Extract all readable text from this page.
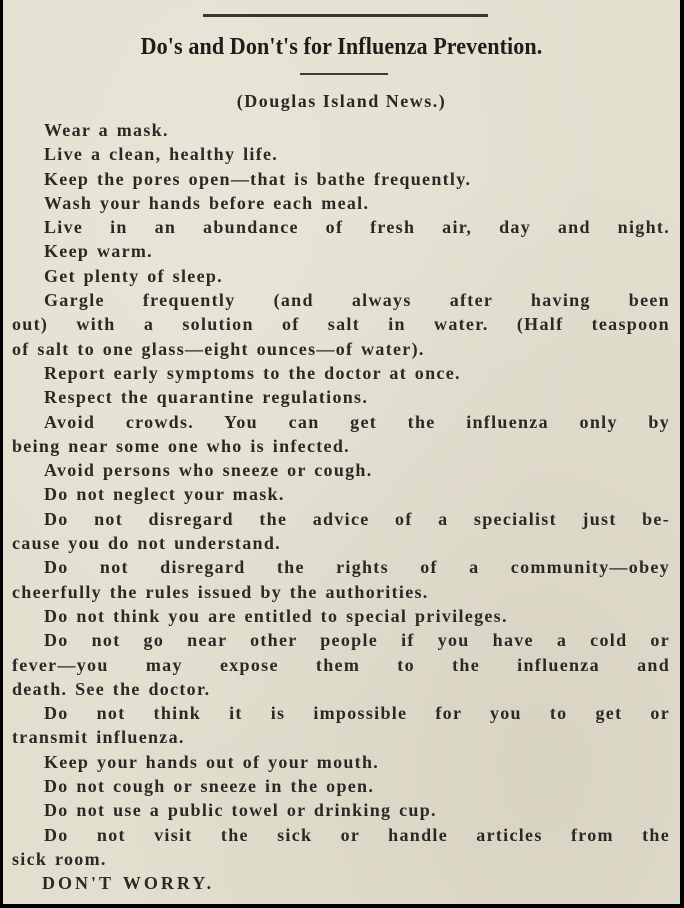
Do's and Don't's for Influenza Prevention.
(Douglas Island News.)
Wear a mask.
Live a clean, healthy life.
Keep the pores open—that is bathe frequently.
Wash your hands before each meal.
Live in an abundance of fresh air, day and night.
Keep warm.
Get plenty of sleep.
Gargle frequently (and always after having been
out) with a solution of salt in water. (Half teaspoon
of salt to one glass—eight ounces—of water).
Report early symptoms to the doctor at once.
Respect the quarantine regulations.
Avoid crowds. You can get the influenza only by
being near some one who is infected.
Avoid persons who sneeze or cough.
Do not neglect your mask.
Do not disregard the advice of a specialist just be-
cause you do not understand.
Do not disregard the rights of a community—obey
cheerfully the rules issued by the authorities.
Do not think you are entitled to special privileges.
Do not go near other people if you have a cold or
fever—you may expose them to the influenza and
death. See the doctor.
Do not think it is impossible for you to get or
transmit influenza.
Keep your hands out of your mouth.
Do not cough or sneeze in the open.
Do not use a public towel or drinking cup.
Do not visit the sick or handle articles from the
sick room.
DON'T WORRY.
